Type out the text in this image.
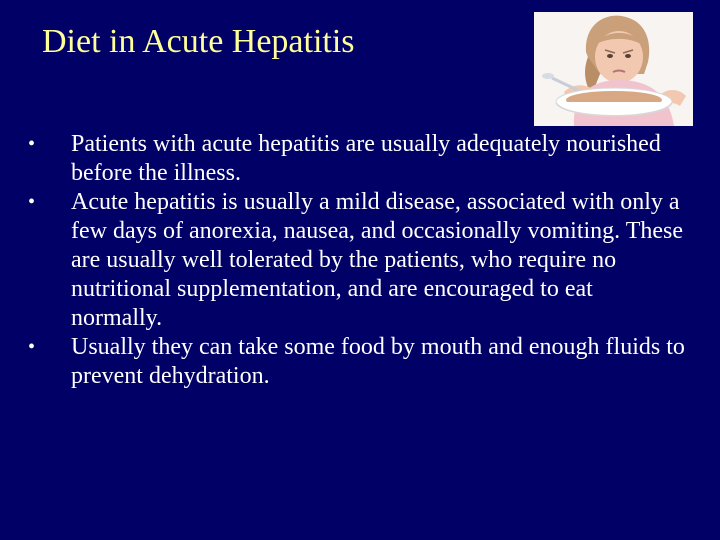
Diet in Acute Hepatitis
•	Patients with acute hepatitis are usually adequately nourished before the illness.
•	Acute hepatitis is usually a mild disease, associated with only a few days of anorexia, nausea, and occasionally vomiting. These are usually well tolerated by the patients, who require no nutritional supplementation, and are encouraged to eat normally.
•	Usually they can take some food by mouth and enough fluids to prevent dehydration.
